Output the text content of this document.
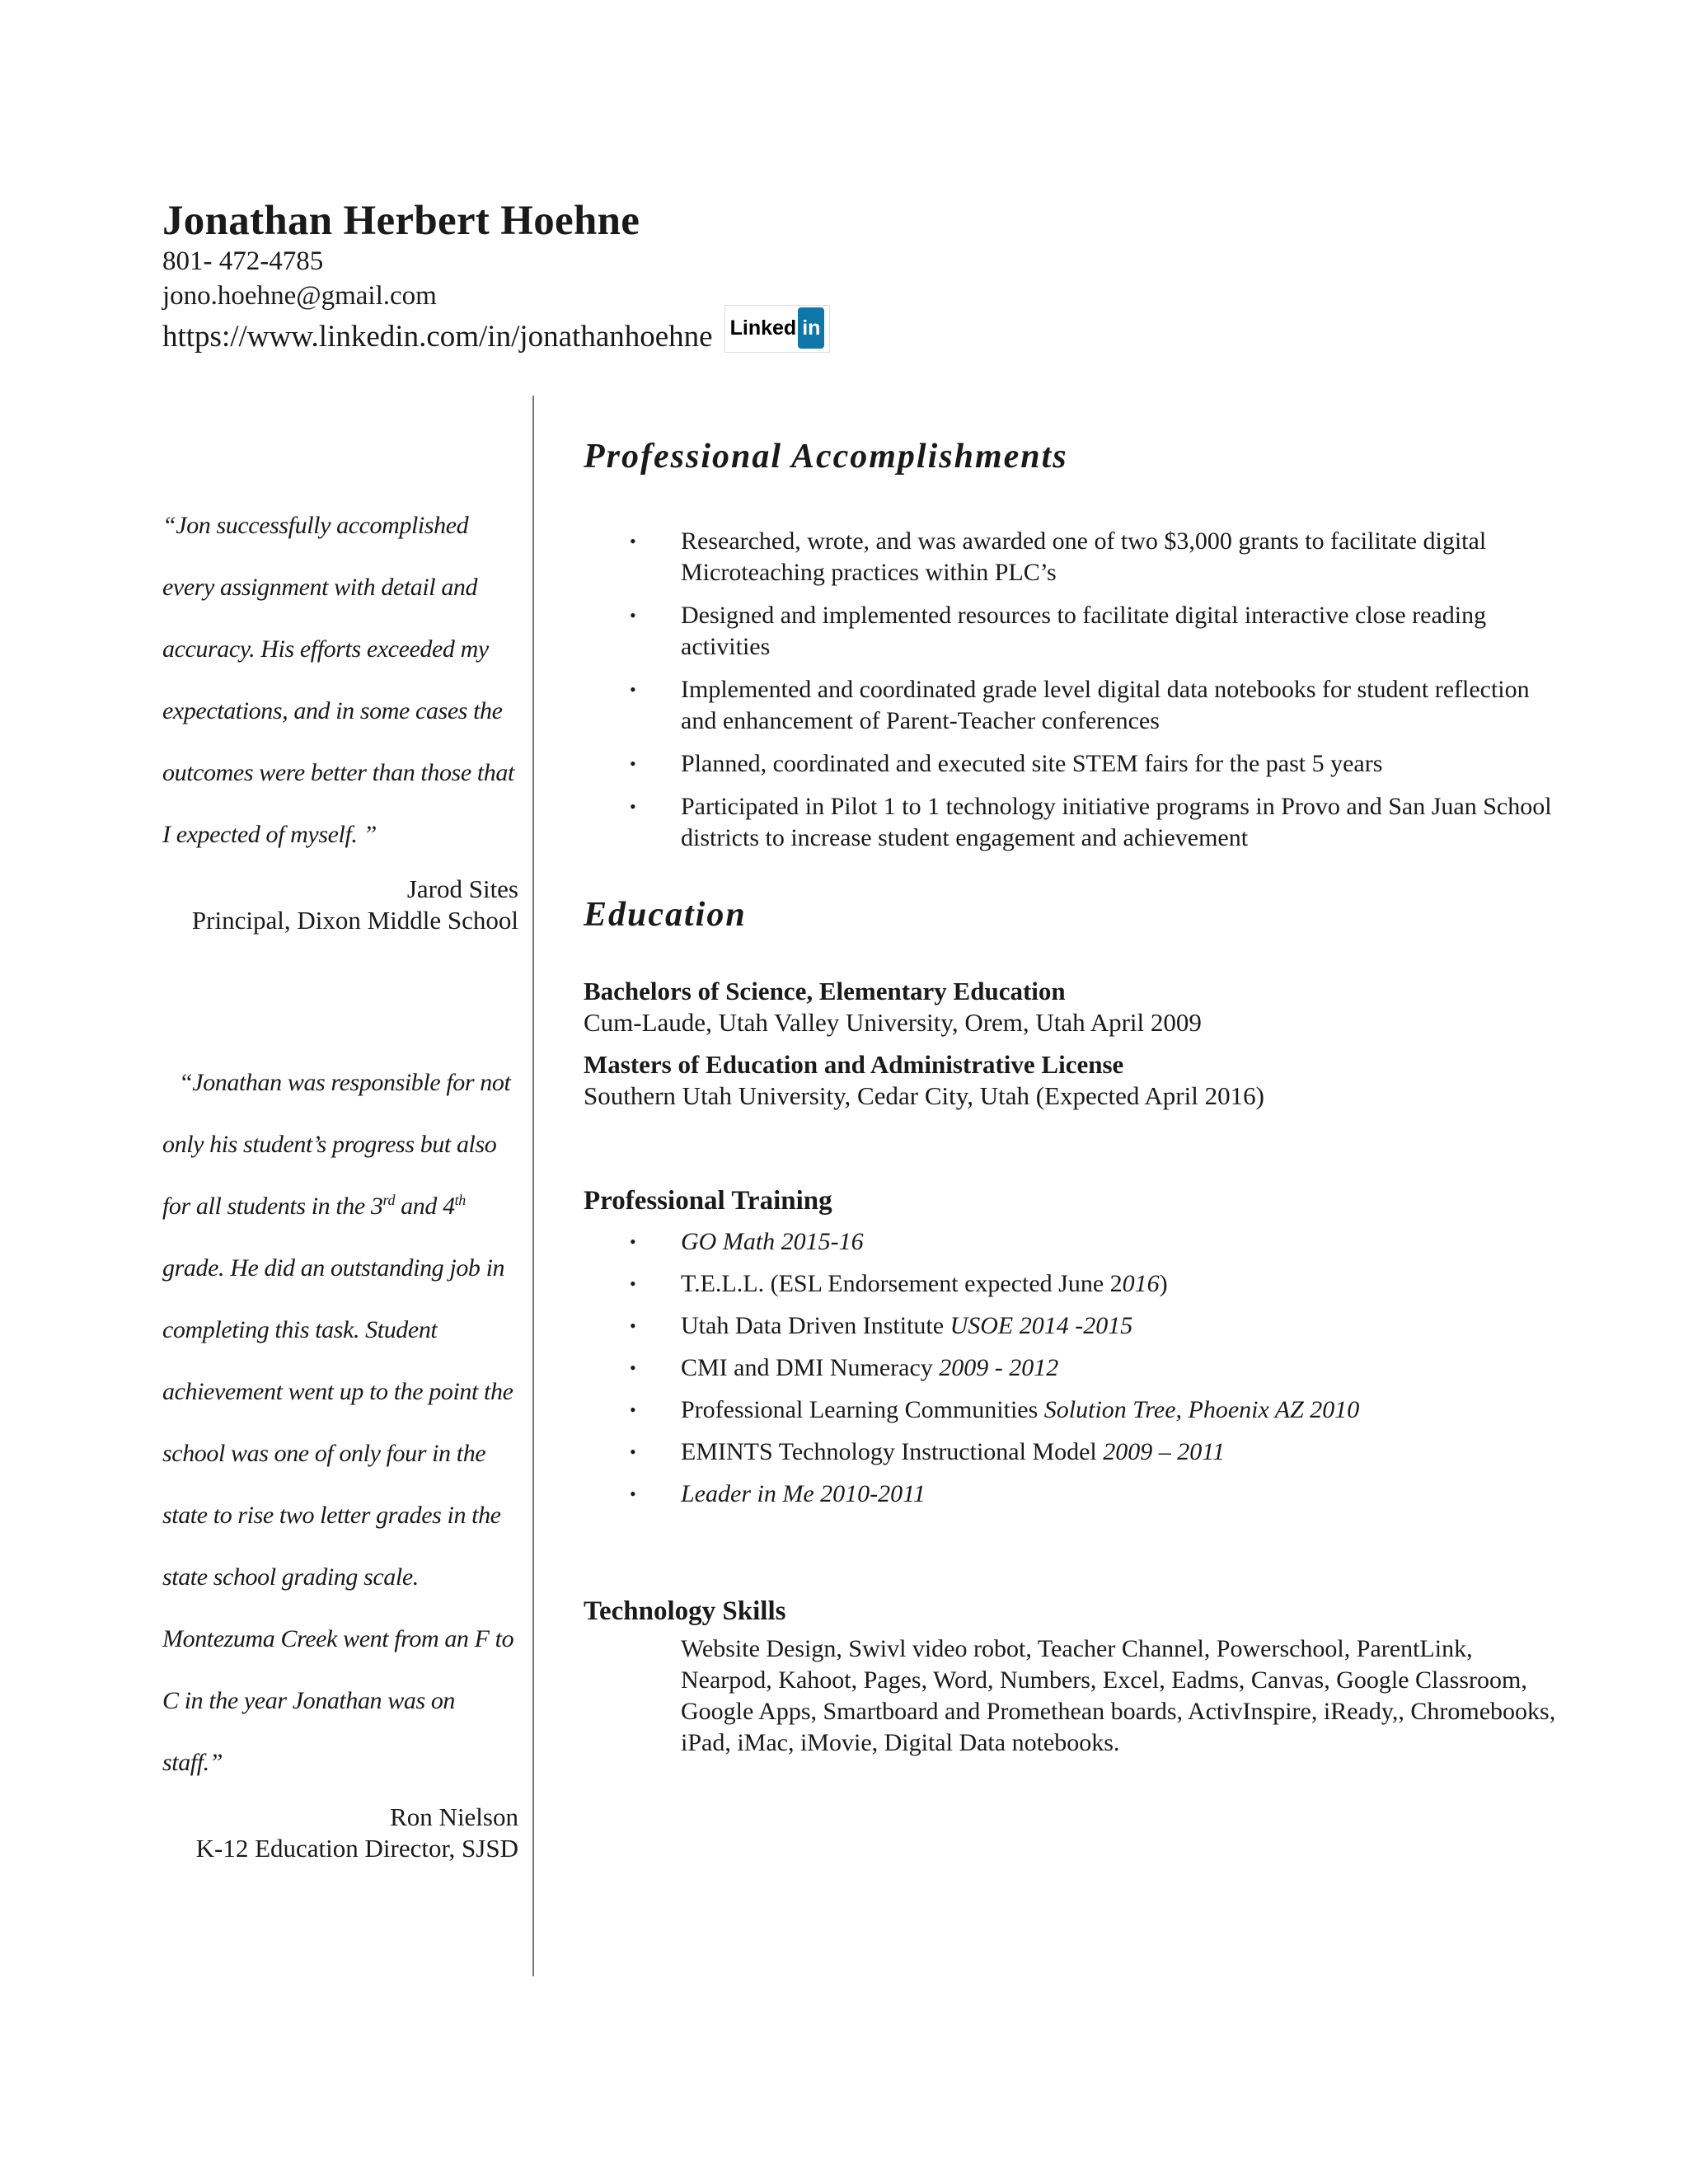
Jonathan Herbert Hoehne
801- 472-4785
jono.hoehne@gmail.com
https://www.linkedin.com/in/jonathanhoehne Linked in

“Jon successfully accomplished every assignment with detail and accuracy. His efforts exceeded my expectations, and in some cases the outcomes were better than those that I expected of myself. ”

Jarod Sites
Principal, Dixon Middle School

“Jonathan was responsible for not only his student’s progress but also for all students in the 3rd and 4th grade. He did an outstanding job in completing this task. Student achievement went up to the point the school was one of only four in the state to rise two letter grades in the state school grading scale. Montezuma Creek went from an F to C in the year Jonathan was on staff.”

Ron Nielson
K-12 Education Director, SJSD
Professional Accomplishments
• Researched, wrote, and was awarded one of two $3,000 grants to facilitate digital Microteaching practices within PLC’s
• Designed and implemented resources to facilitate digital interactive close reading activities
• Implemented and coordinated grade level digital data notebooks for student reflection and enhancement of Parent-Teacher conferences
• Planned, coordinated and executed site STEM fairs for the past 5 years
• Participated in Pilot 1 to 1 technology initiative programs in Provo and San Juan School districts to increase student engagement and achievement
Education
Bachelors of Science, Elementary Education
Cum-Laude, Utah Valley University, Orem, Utah April 2009
Masters of Education and Administrative License
Southern Utah University, Cedar City, Utah (Expected April 2016)
Professional Training
• GO Math 2015-16
• T.E.L.L. (ESL Endorsement expected June 2016)
• Utah Data Driven Institute USOE 2014 -2015
• CMI and DMI Numeracy 2009 - 2012
• Professional Learning Communities Solution Tree, Phoenix AZ 2010
• EMINTS Technology Instructional Model 2009 – 2011
• Leader in Me 2010-2011
Technology Skills
Website Design, Swivl video robot, Teacher Channel, Powerschool, ParentLink, Nearpod, Kahoot, Pages, Word, Numbers, Excel, Eadms, Canvas, Google Classroom, Google Apps, Smartboard and Promethean boards, ActivInspire, iReady,, Chromebooks, iPad, iMac, iMovie, Digital Data notebooks.
